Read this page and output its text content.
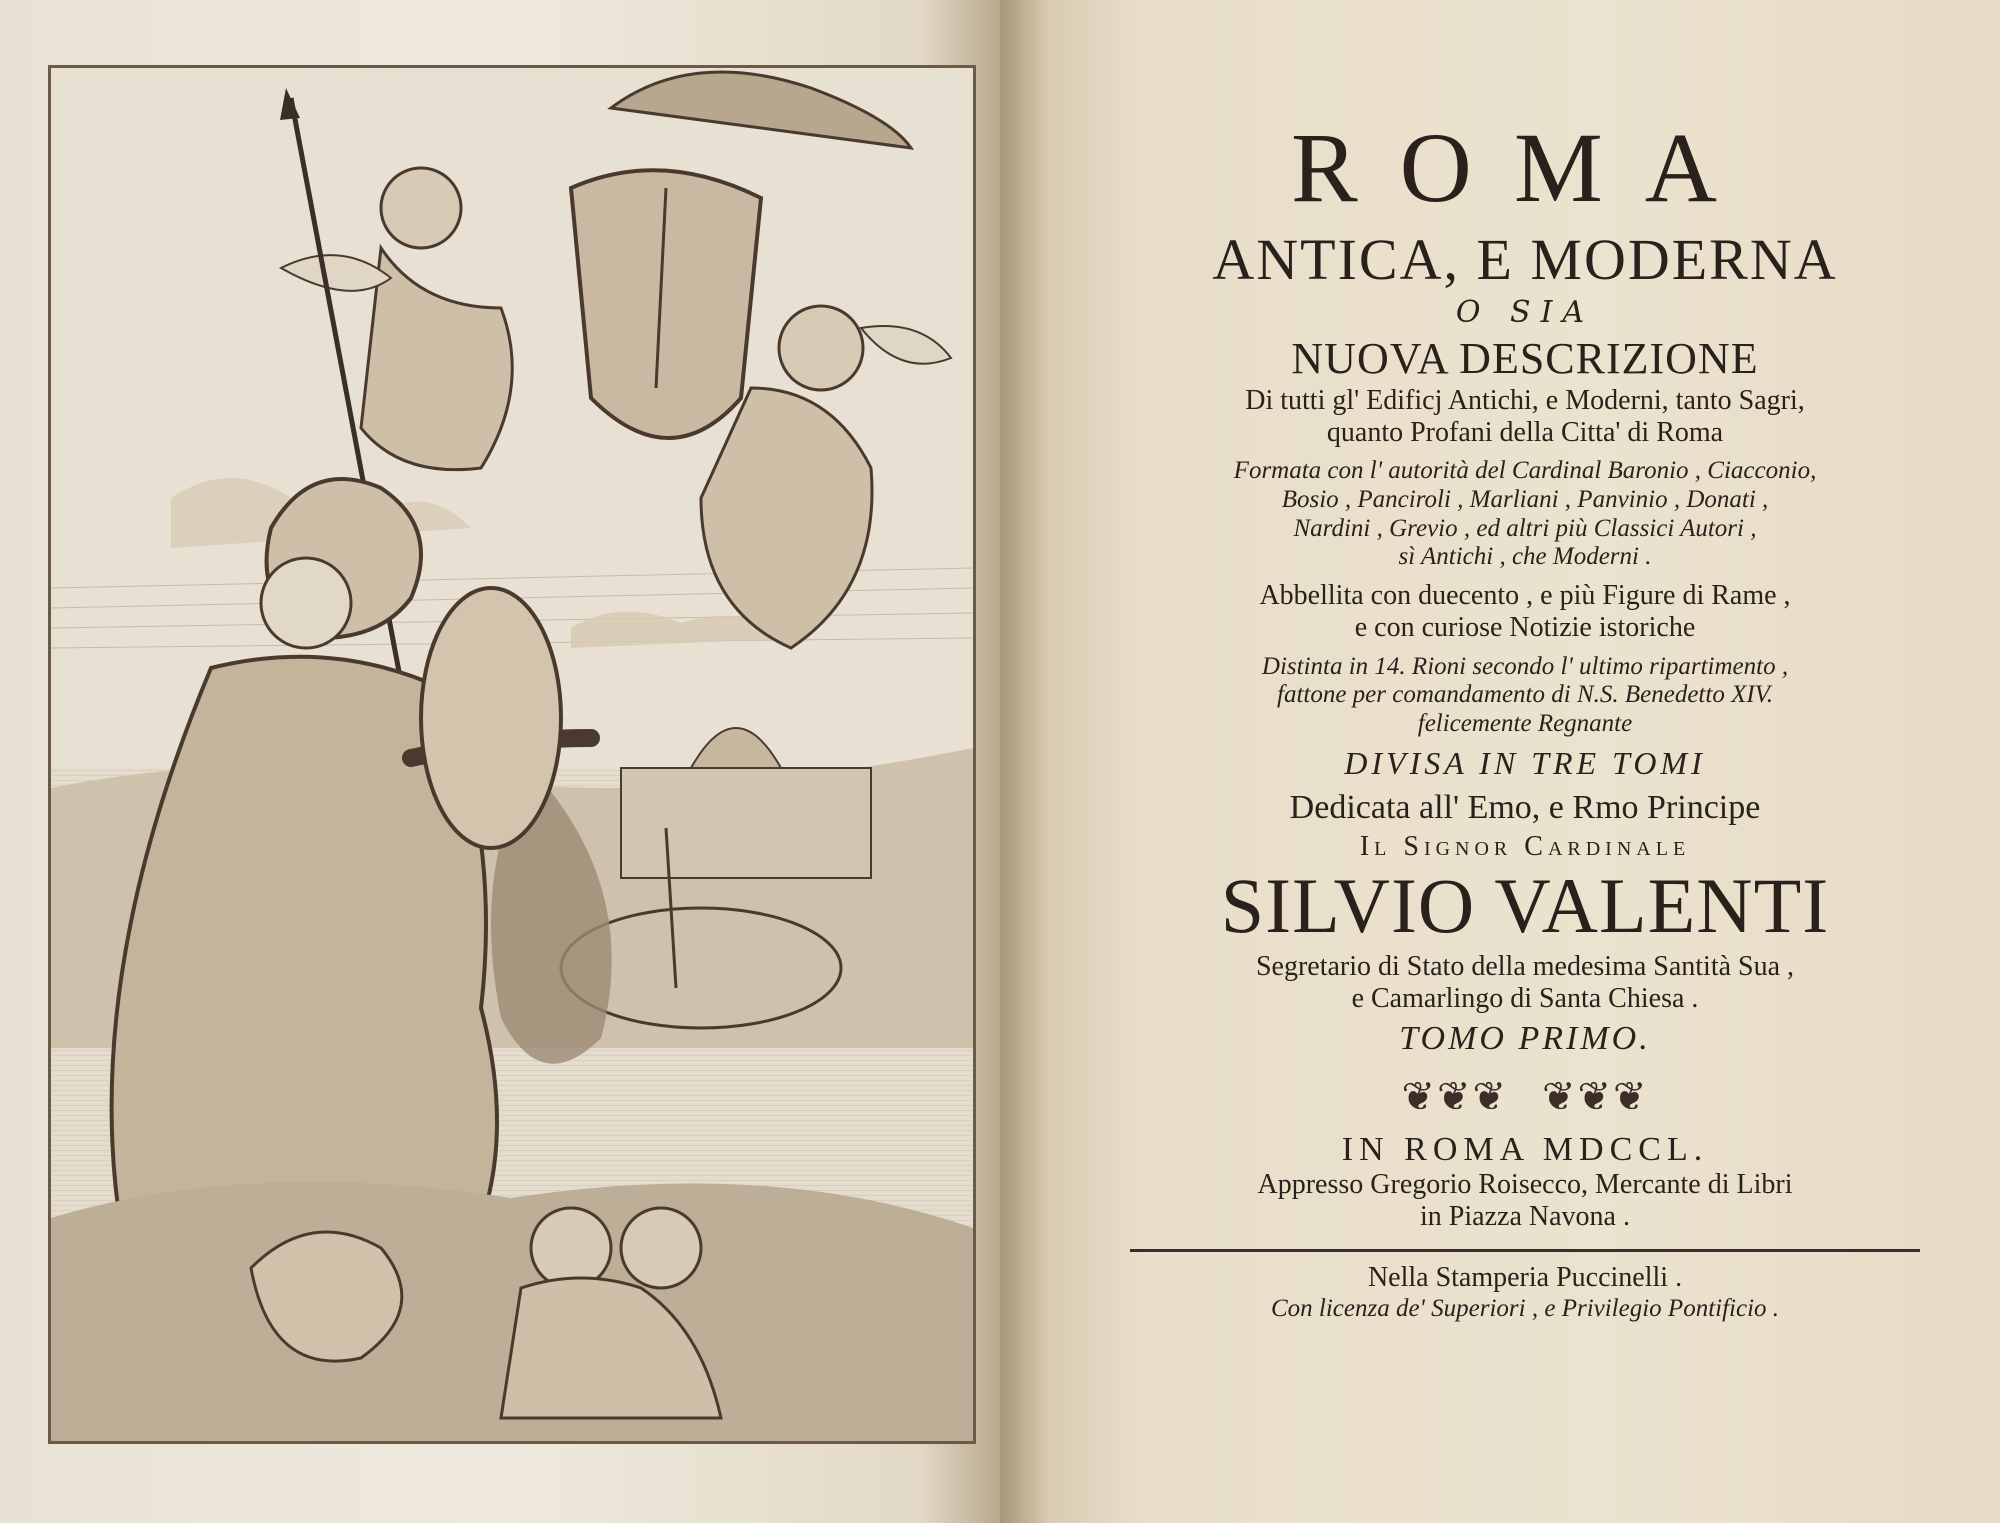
ROMA

ANTICA, E MODERNA

O SIA

NUOVA DESCRIZIONE

Di tutti gl' Edificj Antichi, e Moderni, tanto Sagri,

quanto Profani della Citta' di Roma

Formata con l' autorità del Cardinal Baronio , Ciacconio,

Bosio , Panciroli , Marliani , Panvinio , Donati ,

Nardini , Grevio , ed altri più Classici Autori ,

sì Antichi , che Moderni .

Abbellita con duecento , e più Figure di Rame ,

e con curiose Notizie istoriche

Distinta in 14. Rioni secondo l' ultimo ripartimento ,

fattone per comandamento di N.S. Benedetto XIV.

felicemente Regnante

DIVISA IN TRE TOMI

Dedicata all' Emo, e Rmo Principe

Il Signor Cardinale

SILVIO VALENTI

Segretario di Stato della medesima Santità Sua ,

e Camarlingo di Santa Chiesa .

TOMO PRIMO.

❦❦❦ ❦❦❦

IN ROMA MDCCL.

Appresso Gregorio Roisecco, Mercante di Libri

in Piazza Navona .

Nella Stamperia Puccinelli .

Con licenza de' Superiori , e Privilegio Pontificio .
